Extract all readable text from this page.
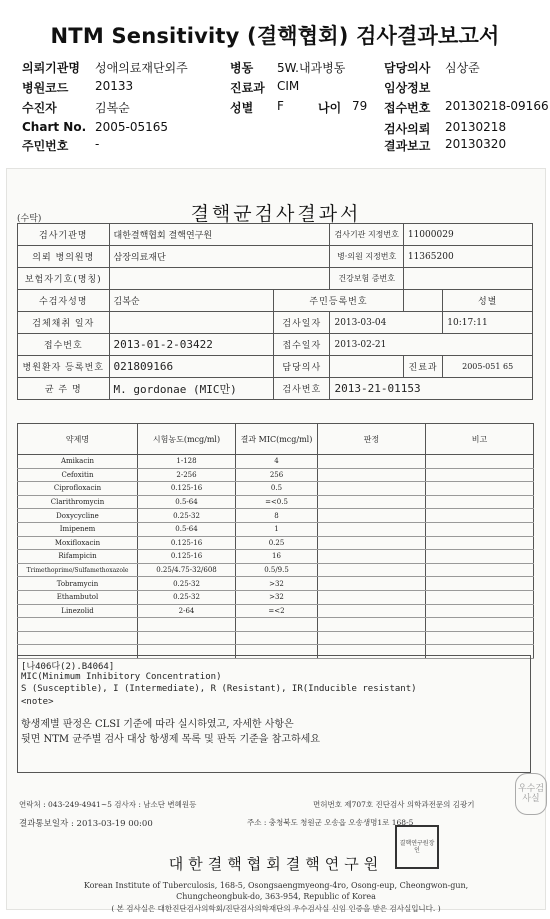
NTM Sensitivity (결핵협회) 검사결과보고서
의뢰기관명 성애의료재단외주	병동 5W.내과병동	담당의사 심상준
병원코드 20133	진료과 CIM	임상정보
수진자	김복순	성별 F	나이 79 접수번호 20130218-09166
Chart No. 2005-05165	검사의뢰 20130218
주민번호 -	결과보고 20130320
결핵균검사결과서
(수탁)
검사기관명	대한결핵협회 결핵연구원		검사기관 지정번호	11000029	
의뢰 병의원명	삼장의료재단		병·의원 지정번호	11365200	
보험자기호(명칭)			건강보험 증번호		
수검자성명	김복순	주민등록번호			성별
검체채취 일자		검사일자	2013-03-04		10:17:11
접수번호	2013-01-2-03422	접수일자	2013-02-21		
병원환자 등록번호	021809166	담당의사		진료과	2005-051 65
균 주 명	M. gordonae (MIC만)	검사번호	2013-21-01153		
약제명	시험농도(mcg/ml)	결과 MIC(mcg/ml)	판정	비고
Amikacin	1-128	4		
Cefoxitin	2-256	256		
Ciprofloxacin	0.125-16	0.5		
Clarithromycin	0.5-64	=<0.5		
Doxycycline	0.25-32	8		
Imipenem	0.5-64	1		
Moxifloxacin	0.125-16	0.25		
Rifampicin	0.125-16	16		
Trimethoprime/Sulfamethoxazole	0.25/4.75-32/608	0.5/9.5		
Tobramycin	0.25-32	>32		
Ethambutol	0.25-32	>32		
Linezolid	2-64	=<2		

[나406다(2).B4064]
MIC(Minimum Inhibitory Concentration)
S (Susceptible), I (Intermediate), R (Resistant), IR(Inducible resistant)
<note>
항생제별 판정은 CLSI 기준에 따라 실시하였고, 자세한 사항은
뒷면 NTM 균주별 검사 대상 항생제 목록 및 판독 기준을 참고하세요
우수검사실
연락처 : 043-249-4941~5 검사자 : 남소단 변혜원등	면허번호 제707호 진단검사 의학과전문의 김광기
결과통보일자 : 2013-03-19 00:00	주소 : 충청북도 청원군 오송읍 오송생명1로 168-5
대한결핵협회결핵연구원
결핵연구원장인
Korean Institute of Tuberculosis, 168-5, Osongsaengmyeong-4ro, Osong-eup, Cheongwon-gun,
Chungcheongbuk-do, 363-954, Republic of Korea
( 본 검사실은 대한진단검사의학회/진단검사의학재단의 우수검사실 신임 인증을 받은 검사실입니다. )
